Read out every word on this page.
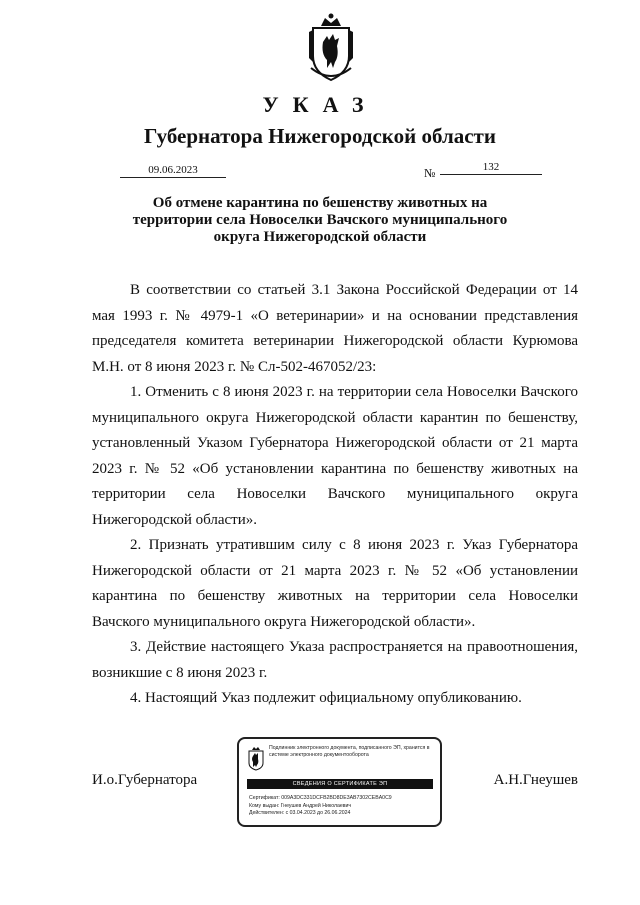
УКАЗ
Губернатора Нижегородской области
09.06.2023	№	132
Об отмене карантина по бешенству животных на
территории села Новоселки Вачского муниципального
округа Нижегородской области

В соответствии со статьей 3.1 Закона Российской Федерации от 14 мая 1993 г. № 4979-1 «О ветеринарии» и на основании представления председателя комитета ветеринарии Нижегородской области Курюмова М.Н. от 8 июня 2023 г. № Сл-502-467052/23:

1. Отменить с 8 июня 2023 г. на территории села Новоселки Вачского муниципального округа Нижегородской области карантин по бешенству, установленный Указом Губернатора Нижегородской области от 21 марта 2023 г. № 52 «Об установлении карантина по бешенству животных на территории села Новоселки Вачского муниципального округа Нижегородской области».

2. Признать утратившим силу с 8 июня 2023 г. Указ Губернатора Нижегородской области от 21 марта 2023 г. № 52 «Об установлении карантина по бешенству животных на территории села Новоселки Вачского муниципального округа Нижегородской области».

3. Действие настоящего Указа распространяется на правоотношения, возникшие с 8 июня 2023 г.

4. Настоящий Указ подлежит официальному опубликованию.

И.о.Губернатора	А.Н.Гнеушев
Подлинник электронного документа, подписанного ЭП, хранится в системе электронного документооборота
СВЕДЕНИЯ О СЕРТИФИКАТЕ ЭП
Сертификат: 009A3DC331DCFB2BD8DE3AB7302CEBA0C9
Кому выдан: Гнеушев Андрей Николаевич
Действителен: с 03.04.2023 до 26.06.2024
